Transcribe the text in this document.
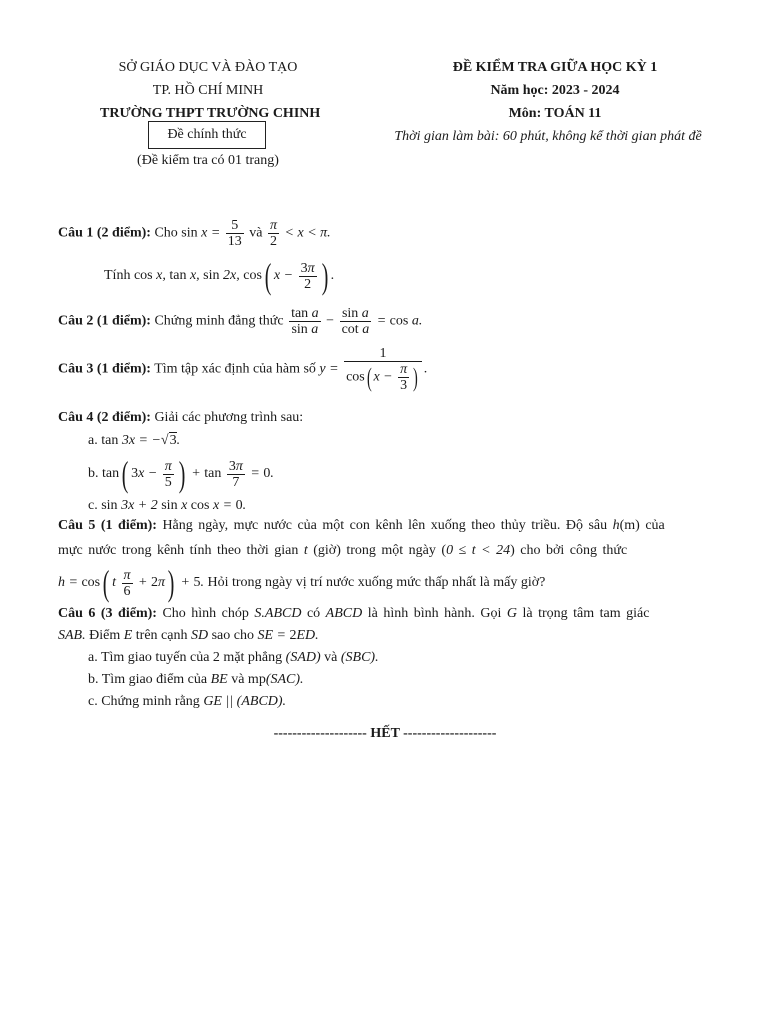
SỞ GIÁO DỤC VÀ ĐÀO TẠO
TP. HỒ CHÍ MINH
TRƯỜNG THPT TRƯỜNG CHINH
Đề chính thức
(Đề kiểm tra có 01 trang)
ĐỀ KIỂM TRA GIỮA HỌC KỲ 1
Năm học: 2023 - 2024
Môn: TOÁN 11
Thời gian làm bài: 60 phút, không kể thời gian phát đề
Câu 1 (2 điểm): Cho $\sin x = \frac{5}{13}$ và $\frac{\pi}{2} < x < \pi$.
Tính cos x, tan x, sin 2x, cos( $x - \frac{3\pi}{2}$ ) .
Câu 2 (1 điểm): Chứng minh đẳng thức $\frac{\text{tan a}}{\text{sin a}} - \frac{\text{sin a}}{\text{cot a}} = \cos a$.
Câu 3 (1 điểm): Tìm tập xác định của hàm số $y = \frac{1}{\cos( x - \frac{\pi}{3} )}$ .
Câu 4 (2 điểm): Giải các phương trình sau:
a. tan 3x = −√3.
b. tan( $3x - \frac{\pi}{5}$ ) + $\tan \frac{3\pi}{7} = 0$.
c. sin 3x + 2 sin x cos x = 0.
Câu 5 (1 điểm): Hằng ngày, mực nước của một con kênh lên xuống theo thủy triều. Độ sâu h(m) của
mực nước trong kênh tính theo thời gian t (giờ) trong một ngày (0 ≤ t < 24) cho bởi công thức
h = cos( t $\frac{\pi}{6} + 2\pi) + 5$. Hỏi trong ngày vị trí nước xuống mức thấp nhất là mấy giờ?
Câu 6 (3 điểm): Cho hình chóp S.ABCD có ABCD là hình bình hành. Gọi G là trọng tâm tam giác
SAB. Điểm E trên cạnh SD sao cho SE = 2ED.
a. Tìm giao tuyến của 2 mặt phẳng (SAD) và (SBC).
b. Tìm giao điểm của BE và mp(SAC).
c. Chứng minh rằng GE || (ABCD).
-------------------- HẾT --------------------
